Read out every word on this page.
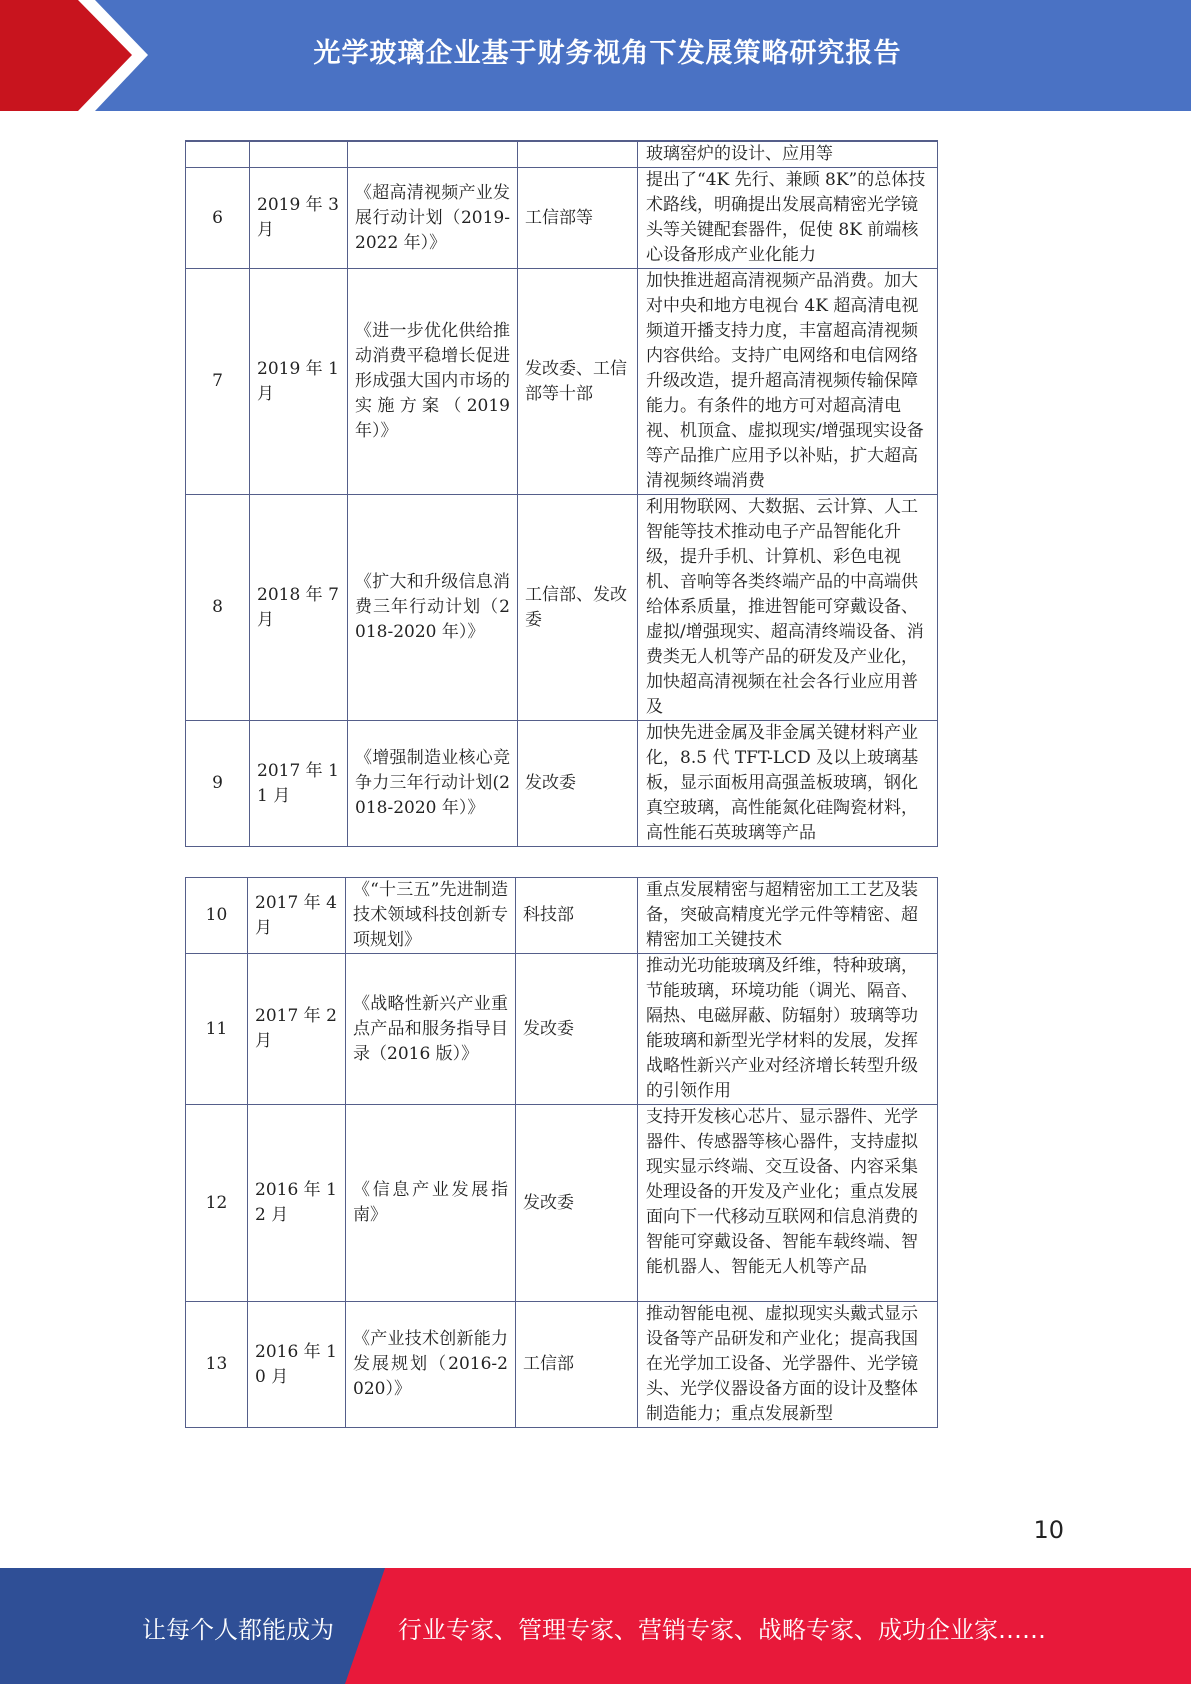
光学玻璃企业基于财务视角下发展策略研究报告
				玻璃窑炉的设计、应用等
6	2019 年 3 月	《超高清视频产业发展行动计划（2019-2022 年）》	工信部等	提出了“4K 先行、兼顾 8K”的总体技术路线，明确提出发展高精密光学镜头等关键配套器件，促使 8K 前端核心设备形成产业化能力
7	2019 年 1 月	《进一步优化供给推动消费平稳增长促进形成强大国内市场的实施方案（2019 年）》	发改委、工信部等十部	加快推进超高清视频产品消费。加大对中央和地方电视台 4K 超高清电视频道开播支持力度，丰富超高清视频内容供给。支持广电网络和电信网络升级改造，提升超高清视频传输保障能力。有条件的地方可对超高清电视、机顶盒、虚拟现实/增强现实设备等产品推广应用予以补贴，扩大超高清视频终端消费
8	2018 年 7 月	《扩大和升级信息消费三年行动计划（2018-2020 年）》	工信部、发改委	利用物联网、大数据、云计算、人工智能等技术推动电子产品智能化升级，提升手机、计算机、彩色电视机、音响等各类终端产品的中高端供给体系质量，推进智能可穿戴设备、虚拟/增强现实、超高清终端设备、消费类无人机等产品的研发及产业化，加快超高清视频在社会各行业应用普及
9	2017 年 11 月	《增强制造业核心竞争力三年行动计划(2018-2020 年）》	发改委	加快先进金属及非金属关键材料产业化，8.5 代 TFT-LCD 及以上玻璃基板，显示面板用高强盖板玻璃，钢化真空玻璃，高性能氮化硅陶瓷材料，高性能石英玻璃等产品
10	2017 年 4 月	《“十三五”先进制造技术领域科技创新专项规划》	科技部	重点发展精密与超精密加工工艺及装备，突破高精度光学元件等精密、超精密加工关键技术
11	2017 年 2 月	《战略性新兴产业重点产品和服务指导目录（2016 版）》	发改委	推动光功能玻璃及纤维，特种玻璃，节能玻璃，环境功能（调光、隔音、隔热、电磁屏蔽、防辐射）玻璃等功能玻璃和新型光学材料的发展，发挥战略性新兴产业对经济增长转型升级的引领作用
12	2016 年 12 月	《信息产业发展指南》	发改委	支持开发核心芯片、显示器件、光学器件、传感器等核心器件，支持虚拟现实显示终端、交互设备、内容采集处理设备的开发及产业化；重点发展面向下一代移动互联网和信息消费的智能可穿戴设备、智能车载终端、智能机器人、智能无人机等产品
13	2016 年 10 月	《产业技术创新能力发展规划（2016-2020）》	工信部	推动智能电视、虚拟现实头戴式显示设备等产品研发和产业化；提高我国在光学加工设备、光学器件、光学镜头、光学仪器设备方面的设计及整体制造能力；重点发展新型
10
让每个人都能成为	行业专家、管理专家、营销专家、战略专家、成功企业家……
